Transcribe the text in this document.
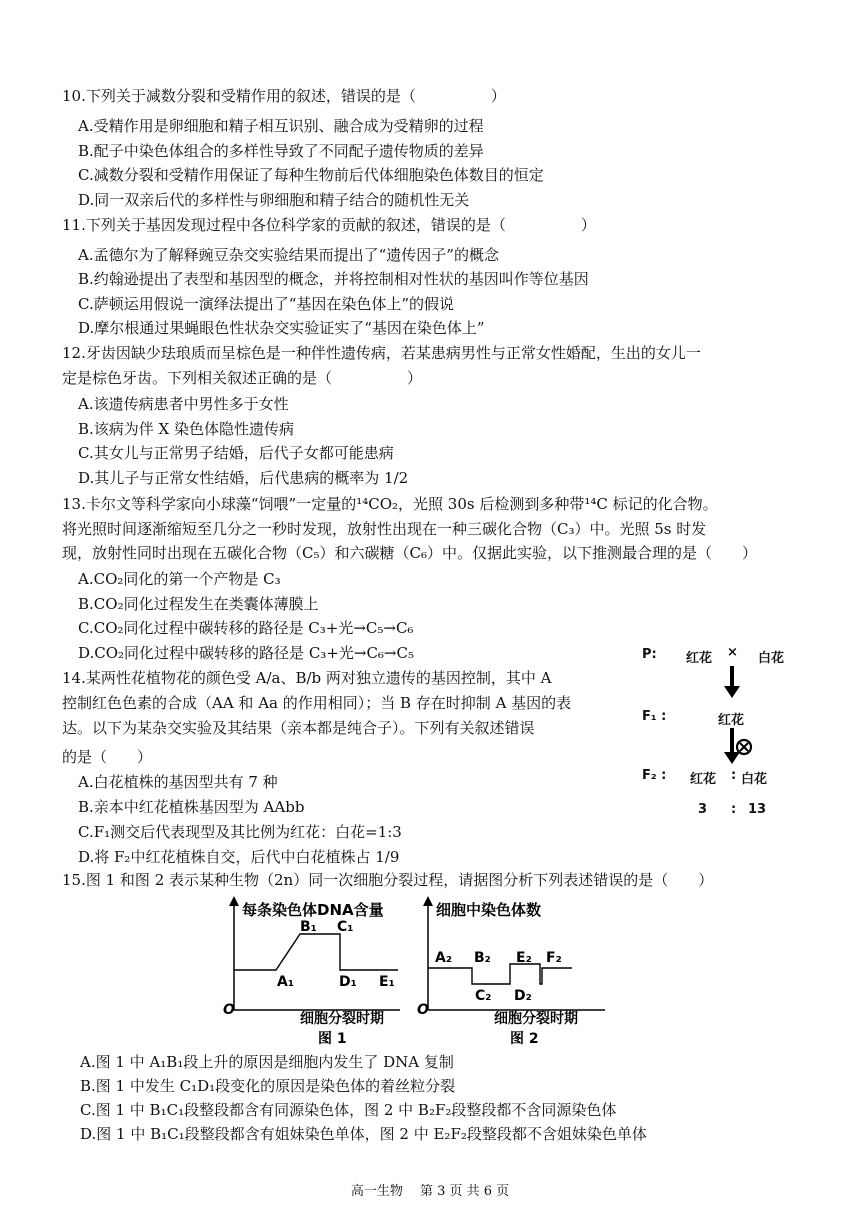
10.下列关于减数分裂和受精作用的叙述，错误的是（　　　　　）
A.受精作用是卵细胞和精子相互识别、融合成为受精卵的过程
B.配子中染色体组合的多样性导致了不同配子遗传物质的差异
C.减数分裂和受精作用保证了每种生物前后代体细胞染色体数目的恒定
D.同一双亲后代的多样性与卵细胞和精子结合的随机性无关
11.下列关于基因发现过程中各位科学家的贡献的叙述，错误的是（　　　　　）
A.孟德尔为了解释豌豆杂交实验结果而提出了“遗传因子”的概念
B.约翰逊提出了表型和基因型的概念，并将控制相对性状的基因叫作等位基因
C.萨顿运用假说一演绎法提出了“基因在染色体上”的假说
D.摩尔根通过果蝇眼色性状杂交实验证实了“基因在染色体上”
12.牙齿因缺少珐琅质而呈棕色是一种伴性遗传病，若某患病男性与正常女性婚配，生出的女儿一
定是棕色牙齿。下列相关叙述正确的是（　　　　　）
A.该遗传病患者中男性多于女性
B.该病为伴 X 染色体隐性遗传病
C.其女儿与正常男子结婚，后代子女都可能患病
D.其儿子与正常女性结婚，后代患病的概率为 1/2
13.卡尔文等科学家向小球藻“饲喂”一定量的¹⁴CO₂，光照 30s 后检测到多种带¹⁴C 标记的化合物。
将光照时间逐渐缩短至几分之一秒时发现，放射性出现在一种三碳化合物（C₃）中。光照 5s 时发
现，放射性同时出现在五碳化合物（C₅）和六碳糖（C₆）中。仅据此实验，以下推测最合理的是（　　）
A.CO₂同化的第一个产物是 C₃
B.CO₂同化过程发生在类囊体薄膜上
C.CO₂同化过程中碳转移的路径是 C₃+光→C₅→C₆
D.CO₂同化过程中碳转移的路径是 C₃+光→C₆→C₅
14.某两性花植物花的颜色受 A/a、B/b 两对独立遗传的基因控制，其中 A
控制红色色素的合成（AA 和 Aa 的作用相同）；当 B 存在时抑制 A 基因的表
达。以下为某杂交实验及其结果（亲本都是纯合子）。下列有关叙述错误
的是（　　）
A.白花植株的基因型共有 7 种
B.亲本中红花植株基因型为 AAbb
C.F₁测交后代表现型及其比例为红花：白花=1:3
D.将 F₂中红花植株自交，后代中白花植株占 1/9
P: 红花 × 白花
F₁ :	红花
F₂ : 红花 : 白花
3 : 13
15.图 1 和图 2 表示某种生物（2n）同一次细胞分裂过程，请据图分析下列表述错误的是（　　）
每条染色体DNA含量
细胞分裂时期
O
图 1
A₁
B₁ C₁
D₁ E₁
细胞中染色体数
细胞分裂时期
O
图 2
A₂ B₂
C₂ D₂
E₂ F₂
A.图 1 中 A₁B₁段上升的原因是细胞内发生了 DNA 复制
B.图 1 中发生 C₁D₁段变化的原因是染色体的着丝粒分裂
C.图 1 中 B₁C₁段整段都含有同源染色体，图 2 中 B₂F₂段整段都不含同源染色体
D.图 1 中 B₁C₁段整段都含有姐妹染色单体，图 2 中 E₂F₂段整段都不含姐妹染色单体
高一生物　 第 3 页 共 6 页
